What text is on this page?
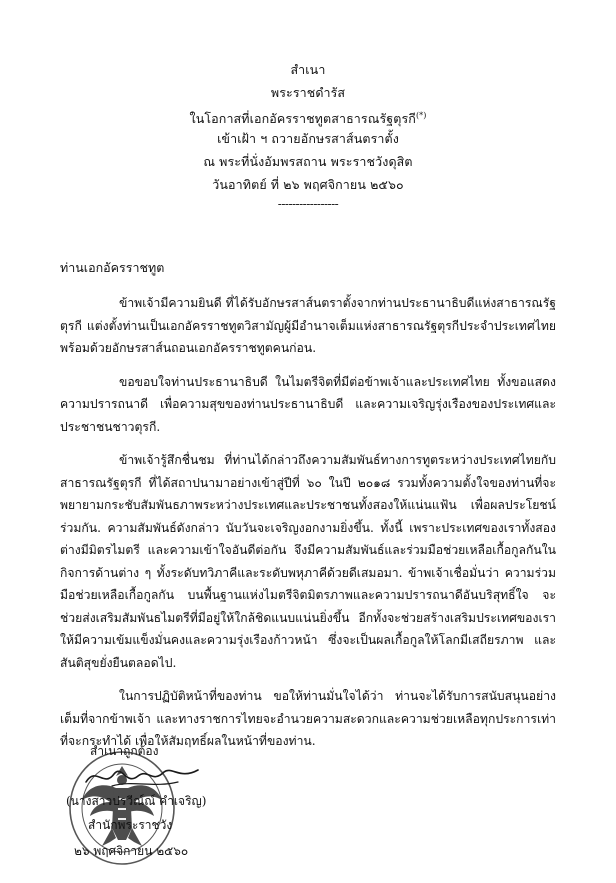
สำเนา
พระราชดำรัส
ในโอกาสที่เอกอัครราชทูตสาธารณรัฐตุรกี(*)
เข้าเฝ้า ฯ ถวายอักษรสาส์นตราตั้ง
ณ พระที่นั่งอัมพรสถาน พระราชวังดุสิต
วันอาทิตย์ ที่ ๒๖ พฤศจิกายน ๒๕๖๐
-----------------
ท่านเอกอัครราชทูต

ข้าพเจ้ามีความยินดี ที่ได้รับอักษรสาส์นตราตั้งจากท่านประธานาธิบดีแห่งสาธารณรัฐตุรกี แต่งตั้งท่านเป็นเอกอัครราชทูตวิสามัญผู้มีอำนาจเต็มแห่งสาธารณรัฐตุรกีประจำประเทศไทย พร้อมด้วยอักษรสาส์นถอนเอกอัครราชทูตคนก่อน.

ขอขอบใจท่านประธานาธิบดี ในไมตรีจิตที่มีต่อข้าพเจ้าและประเทศไทย ทั้งขอแสดงความปรารถนาดี เพื่อความสุขของท่านประธานาธิบดี และความเจริญรุ่งเรืองของประเทศและประชาชนชาวตุรกี.

ข้าพเจ้ารู้สึกชื่นชม ที่ท่านได้กล่าวถึงความสัมพันธ์ทางการทูตระหว่างประเทศไทยกับสาธารณรัฐตุรกี ที่ได้สถาปนามาอย่างเข้าสู่ปีที่ ๖๐ ในปี ๒๐๑๘ รวมทั้งความตั้งใจของท่านที่จะพยายามกระชับสัมพันธภาพระหว่างประเทศและประชาชนทั้งสองให้แน่นแฟ้น เพื่อผลประโยชน์ร่วมกัน. ความสัมพันธ์ดังกล่าว นับวันจะเจริญงอกงามยิ่งขึ้น. ทั้งนี้ เพราะประเทศของเราทั้งสองต่างมีมิตรไมตรี และความเข้าใจอันดีต่อกัน จึงมีความสัมพันธ์และร่วมมือช่วยเหลือเกื้อกูลกันในกิจการด้านต่าง ๆ ทั้งระดับทวิภาคีและระดับพหุภาคีด้วยดีเสมอมา. ข้าพเจ้าเชื่อมั่นว่า ความร่วมมือช่วยเหลือเกื้อกูลกัน บนพื้นฐานแห่งไมตรีจิตมิตรภาพและความปรารถนาดีอันบริสุทธิ์ใจ จะช่วยส่งเสริมสัมพันธไมตรีที่มีอยู่ให้ใกล้ชิดแนบแน่นยิ่งขึ้น อีกทั้งจะช่วยสร้างเสริมประเทศของเรา ให้มีความเข้มแข็งมั่นคงและความรุ่งเรืองก้าวหน้า ซึ่งจะเป็นผลเกื้อกูลให้โลกมีเสถียรภาพ และสันติสุขยั่งยืนตลอดไป.

ในการปฏิบัติหน้าที่ของท่าน ขอให้ท่านมั่นใจได้ว่า ท่านจะได้รับการสนับสนุนอย่างเต็มที่จากข้าพเจ้า และทางราชการไทยจะอำนวยความสะดวกและความช่วยเหลือทุกประการเท่าที่จะกระทำได้ เพื่อให้สัมฤทธิ์ผลในหน้าที่ของท่าน.

สำเนาถูกต้อง
(นางสาวปรวีณ์ณ์ คำเจริญ)
สำนักพระราชวัง
๒๖ พฤศจิกายน ๒๕๖๐
